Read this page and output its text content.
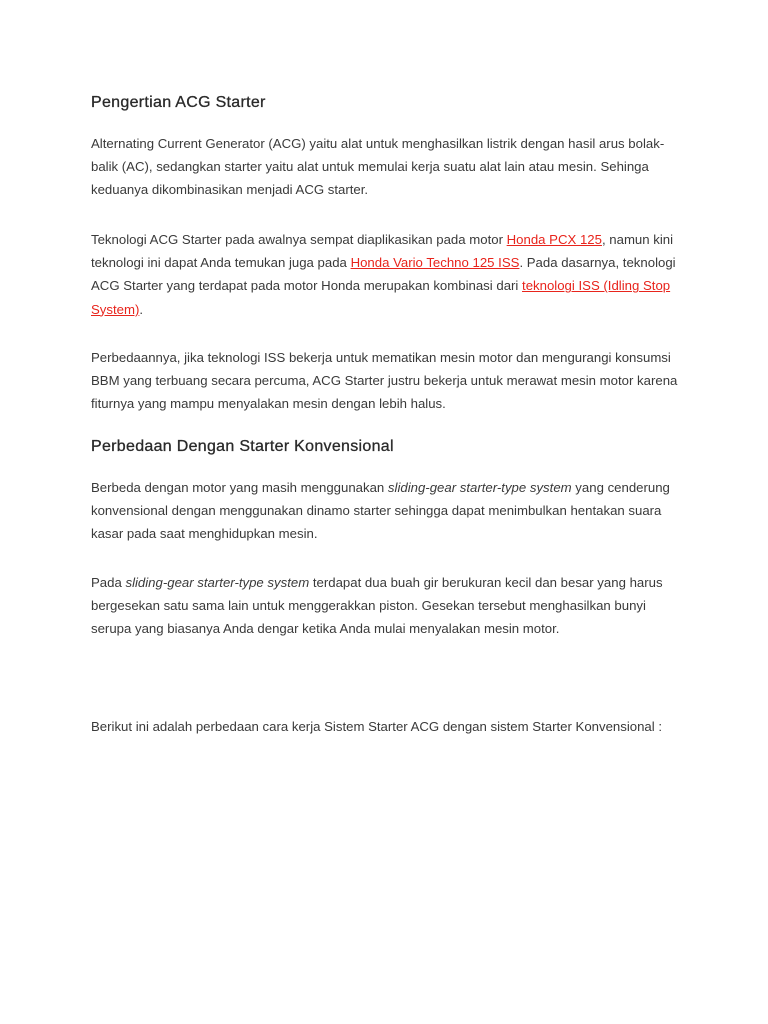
Pengertian ACG Starter

Alternating Current Generator (ACG) yaitu alat untuk menghasilkan listrik dengan hasil arus bolak-balik (AC), sedangkan starter yaitu alat untuk memulai kerja suatu alat lain atau mesin. Sehinga keduanya dikombinasikan menjadi ACG starter.

Teknologi ACG Starter pada awalnya sempat diaplikasikan pada motor Honda PCX 125, namun kini teknologi ini dapat Anda temukan juga pada Honda Vario Techno 125 ISS. Pada dasarnya, teknologi ACG Starter yang terdapat pada motor Honda merupakan kombinasi dari teknologi ISS (Idling Stop System).

Perbedaannya, jika teknologi ISS bekerja untuk mematikan mesin motor dan mengurangi konsumsi BBM yang terbuang secara percuma, ACG Starter justru bekerja untuk merawat mesin motor karena fiturnya yang mampu menyalakan mesin dengan lebih halus.

Perbedaan Dengan Starter Konvensional

Berbeda dengan motor yang masih menggunakan sliding-gear starter-type system yang cenderung konvensional dengan menggunakan dinamo starter sehingga dapat menimbulkan hentakan suara kasar pada saat menghidupkan mesin.

Pada sliding-gear starter-type system terdapat dua buah gir berukuran kecil dan besar yang harus bergesekan satu sama lain untuk menggerakkan piston. Gesekan tersebut menghasilkan bunyi serupa yang biasanya Anda dengar ketika Anda mulai menyalakan mesin motor.

Berikut ini adalah perbedaan cara kerja Sistem Starter ACG dengan sistem Starter Konvensional :
